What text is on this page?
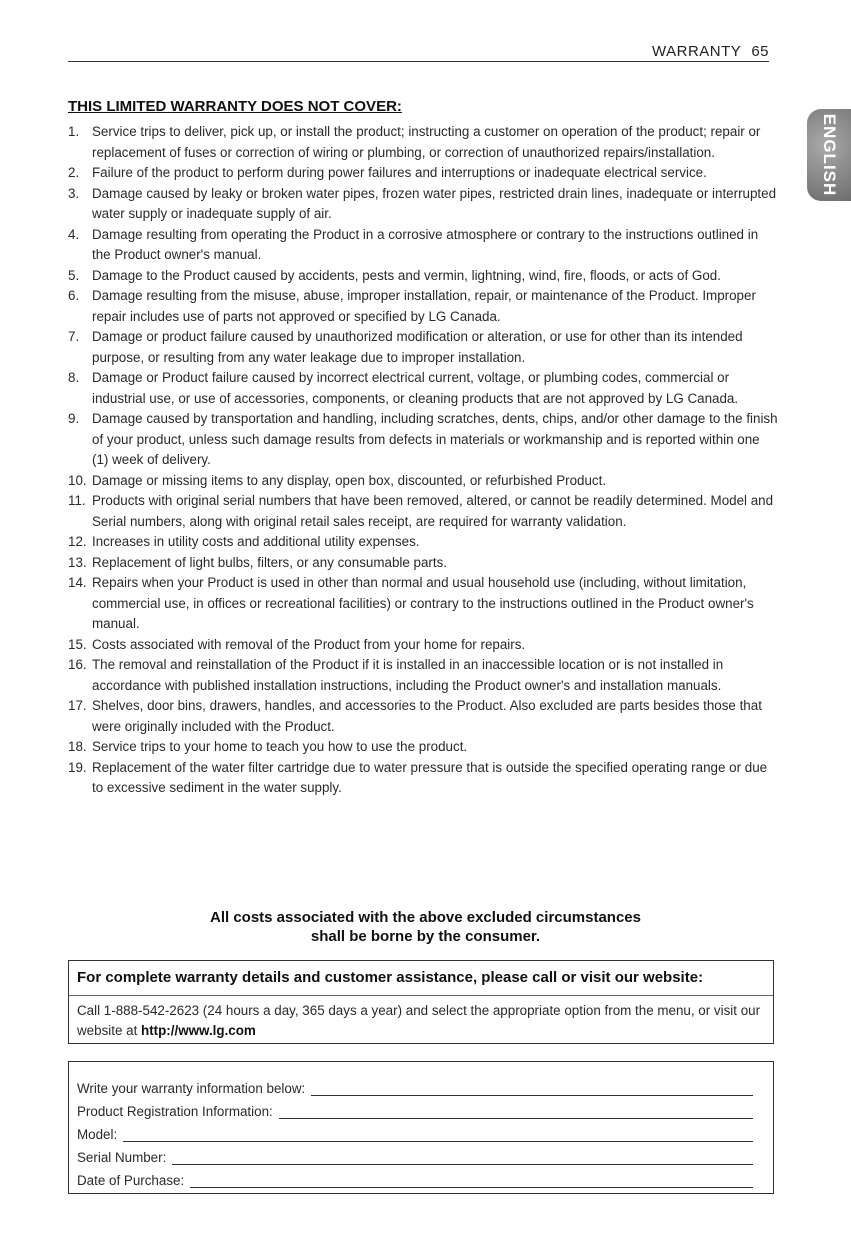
WARRANTY 65
ENGLISH
THIS LIMITED WARRANTY DOES NOT COVER:
1. Service trips to deliver, pick up, or install the product; instructing a customer on operation of the product; repair or replacement of fuses or correction of wiring or plumbing, or correction of unauthorized repairs/installation.
2. Failure of the product to perform during power failures and interruptions or inadequate electrical service.
3. Damage caused by leaky or broken water pipes, frozen water pipes, restricted drain lines, inadequate or interrupted water supply or inadequate supply of air.
4. Damage resulting from operating the Product in a corrosive atmosphere or contrary to the instructions outlined in the Product owner's manual.
5. Damage to the Product caused by accidents, pests and vermin, lightning, wind, fire, floods, or acts of God.
6. Damage resulting from the misuse, abuse, improper installation, repair, or maintenance of the Product. Improper repair includes use of parts not approved or specified by LG Canada.
7. Damage or product failure caused by unauthorized modification or alteration, or use for other than its intended purpose, or resulting from any water leakage due to improper installation.
8. Damage or Product failure caused by incorrect electrical current, voltage, or plumbing codes, commercial or industrial use, or use of accessories, components, or cleaning products that are not approved by LG Canada.
9. Damage caused by transportation and handling, including scratches, dents, chips, and/or other damage to the finish of your product, unless such damage results from defects in materials or workmanship and is reported within one (1) week of delivery.
10. Damage or missing items to any display, open box, discounted, or refurbished Product.
11. Products with original serial numbers that have been removed, altered, or cannot be readily determined. Model and Serial numbers, along with original retail sales receipt, are required for warranty validation.
12. Increases in utility costs and additional utility expenses.
13. Replacement of light bulbs, filters, or any consumable parts.
14. Repairs when your Product is used in other than normal and usual household use (including, without limitation, commercial use, in offices or recreational facilities) or contrary to the instructions outlined in the Product owner's manual.
15. Costs associated with removal of the Product from your home for repairs.
16. The removal and reinstallation of the Product if it is installed in an inaccessible location or is not installed in accordance with published installation instructions, including the Product owner's and installation manuals.
17. Shelves, door bins, drawers, handles, and accessories to the Product. Also excluded are parts besides those that were originally included with the Product.
18. Service trips to your home to teach you how to use the product.
19. Replacement of the water filter cartridge due to water pressure that is outside the specified operating range or due to excessive sediment in the water supply.
All costs associated with the above excluded circumstances
shall be borne by the consumer.
For complete warranty details and customer assistance, please call or visit our website:
Call 1-888-542-2623 (24 hours a day, 365 days a year) and select the appropriate option from the menu, or visit our website at http://www.lg.com
Write your warranty information below:
Product Registration Information:
Model:
Serial Number:
Date of Purchase:
